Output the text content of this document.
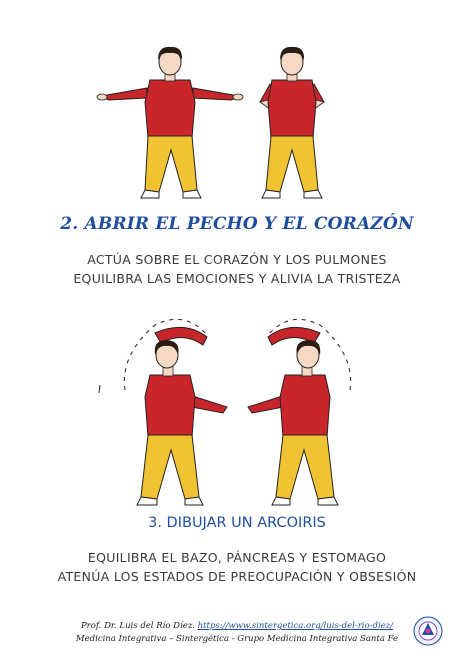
2. ABRIR EL PECHO Y EL CORAZÓN
ACTÚA SOBRE EL CORAZÓN Y LOS PULMONES
EQUILIBRA LAS EMOCIONES Y ALIVIA LA TRISTEZA
3. DIBUJAR UN ARCOIRIS
EQUILIBRA EL BAZO, PÁNCREAS Y ESTOMAGO
ATENÚA LOS ESTADOS DE PREOCUPACIÓN Y OBSESIÓN
Prof. Dr. Luis del Río Díez. https://www.sintergetica.org/luis-del-rio-diez/
Medicina Integrativa – Sintergética - Grupo Medicina Integrativa Santa Fe
